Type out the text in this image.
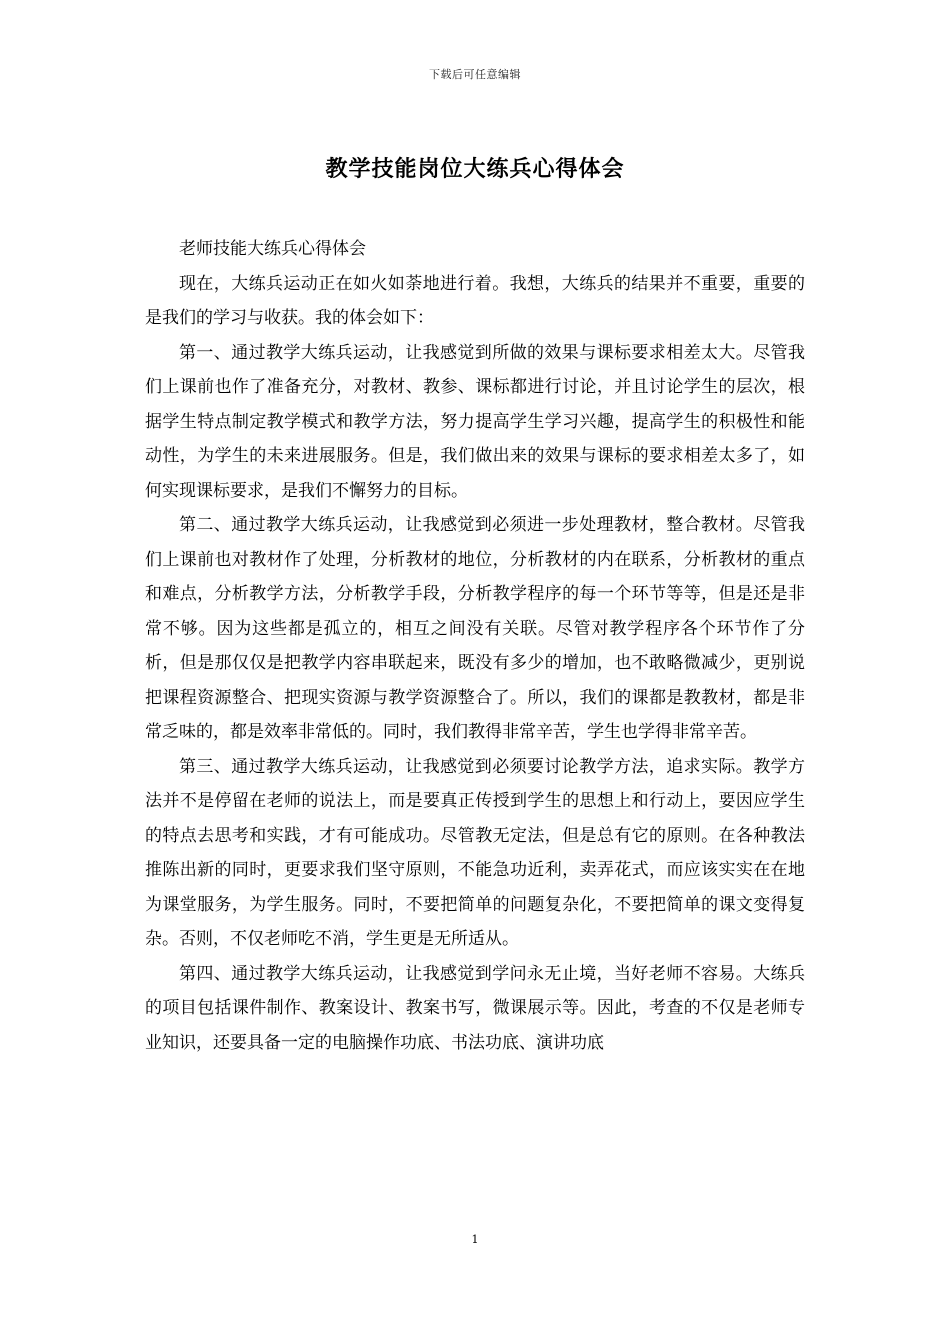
下载后可任意编辑
教学技能岗位大练兵心得体会

老师技能大练兵心得体会

现在，大练兵运动正在如火如荼地进行着。我想，大练兵的结果并不重要，重要的是我们的学习与收获。我的体会如下：

第一、通过教学大练兵运动，让我感觉到所做的效果与课标要求相差太大。尽管我们上课前也作了准备充分，对教材、教参、课标都进行讨论，并且讨论学生的层次，根据学生特点制定教学模式和教学方法，努力提高学生学习兴趣，提高学生的积极性和能动性，为学生的未来进展服务。但是，我们做出来的效果与课标的要求相差太多了，如何实现课标要求，是我们不懈努力的目标。

第二、通过教学大练兵运动，让我感觉到必须进一步处理教材，整合教材。尽管我们上课前也对教材作了处理，分析教材的地位，分析教材的内在联系，分析教材的重点和难点，分析教学方法，分析教学手段，分析教学程序的每一个环节等等，但是还是非常不够。因为这些都是孤立的，相互之间没有关联。尽管对教学程序各个环节作了分析，但是那仅仅是把教学内容串联起来，既没有多少的增加，也不敢略微减少，更别说把课程资源整合、把现实资源与教学资源整合了。所以，我们的课都是教教材，都是非常乏味的，都是效率非常低的。同时，我们教得非常辛苦，学生也学得非常辛苦。

第三、通过教学大练兵运动，让我感觉到必须要讨论教学方法，追求实际。教学方法并不是停留在老师的说法上，而是要真正传授到学生的思想上和行动上，要因应学生的特点去思考和实践，才有可能成功。尽管教无定法，但是总有它的原则。在各种教法推陈出新的同时，更要求我们坚守原则，不能急功近利，卖弄花式，而应该实实在在地为课堂服务，为学生服务。同时，不要把简单的问题复杂化，不要把简单的课文变得复杂。否则，不仅老师吃不消，学生更是无所适从。

第四、通过教学大练兵运动，让我感觉到学问永无止境，当好老师不容易。大练兵的项目包括课件制作、教案设计、教案书写，微课展示等。因此，考查的不仅是老师专业知识，还要具备一定的电脑操作功底、书法功底、演讲功底

1
